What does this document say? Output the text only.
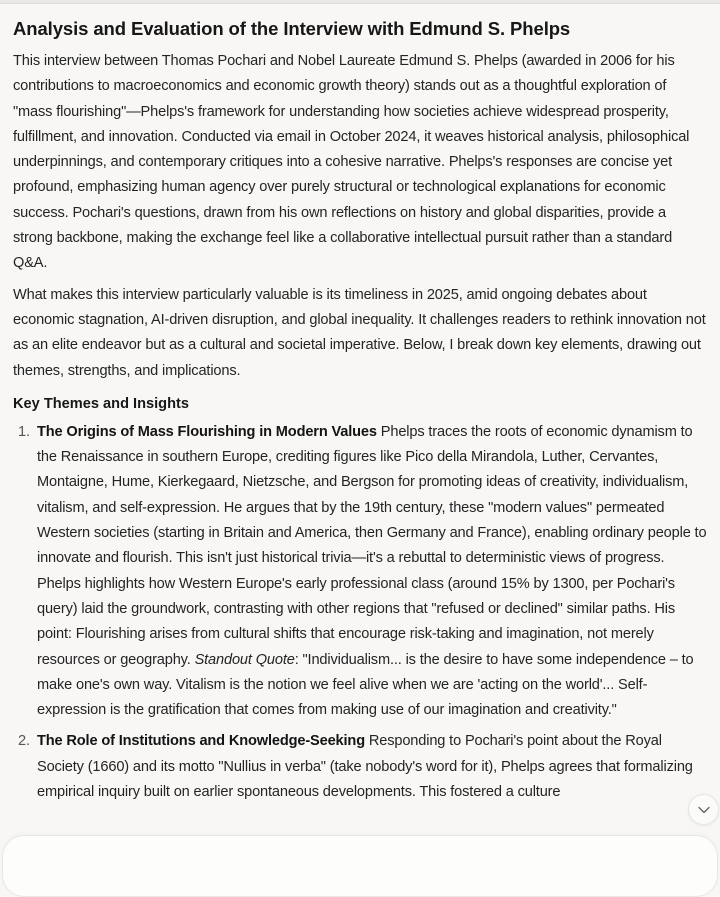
Analysis and Evaluation of the Interview with Edmund S. Phelps

This interview between Thomas Pochari and Nobel Laureate Edmund S. Phelps (awarded in 2006 for his contributions to macroeconomics and economic growth theory) stands out as a thoughtful exploration of "mass flourishing"—Phelps's framework for understanding how societies achieve widespread prosperity, fulfillment, and innovation. Conducted via email in October 2024, it weaves historical analysis, philosophical underpinnings, and contemporary critiques into a cohesive narrative. Phelps's responses are concise yet profound, emphasizing human agency over purely structural or technological explanations for economic success. Pochari's questions, drawn from his own reflections on history and global disparities, provide a strong backbone, making the exchange feel like a collaborative intellectual pursuit rather than a standard Q&A.

What makes this interview particularly valuable is its timeliness in 2025, amid ongoing debates about economic stagnation, AI-driven disruption, and global inequality. It challenges readers to rethink innovation not as an elite endeavor but as a cultural and societal imperative. Below, I break down key elements, drawing out themes, strengths, and implications.

Key Themes and Insights
1. The Origins of Mass Flourishing in Modern Values Phelps traces the roots of economic dynamism to the Renaissance in southern Europe, crediting figures like Pico della Mirandola, Luther, Cervantes, Montaigne, Hume, Kierkegaard, Nietzsche, and Bergson for promoting ideas of creativity, individualism, vitalism, and self-expression. He argues that by the 19th century, these "modern values" permeated Western societies (starting in Britain and America, then Germany and France), enabling ordinary people to innovate and flourish. This isn't just historical trivia—it's a rebuttal to deterministic views of progress. Phelps highlights how Western Europe's early professional class (around 15% by 1300, per Pochari's query) laid the groundwork, contrasting with other regions that "refused or declined" similar paths. His point: Flourishing arises from cultural shifts that encourage risk-taking and imagination, not merely resources or geography. Standout Quote: "Individualism... is the desire to have some independence – to make one's own way. Vitalism is the notion we feel alive when we are 'acting on the world'... Self-expression is the gratification that comes from making use of our imagination and creativity."
2. The Role of Institutions and Knowledge-Seeking Responding to Pochari's point about the Royal Society (1660) and its motto "Nullius in verba" (take nobody's word for it), Phelps agrees that formalizing empirical inquiry built on earlier spontaneous developments. This fostered a culture
